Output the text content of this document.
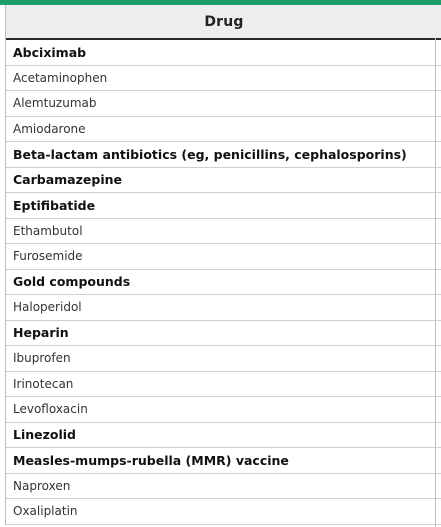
Drug
Abciximab
Acetaminophen
Alemtuzumab
Amiodarone
Beta-lactam antibiotics (eg, penicillins, cephalosporins)
Carbamazepine
Eptifibatide
Ethambutol
Furosemide
Gold compounds
Haloperidol
Heparin
Ibuprofen
Irinotecan
Levofloxacin
Linezolid
Measles-mumps-rubella (MMR) vaccine
Naproxen
Oxaliplatin
